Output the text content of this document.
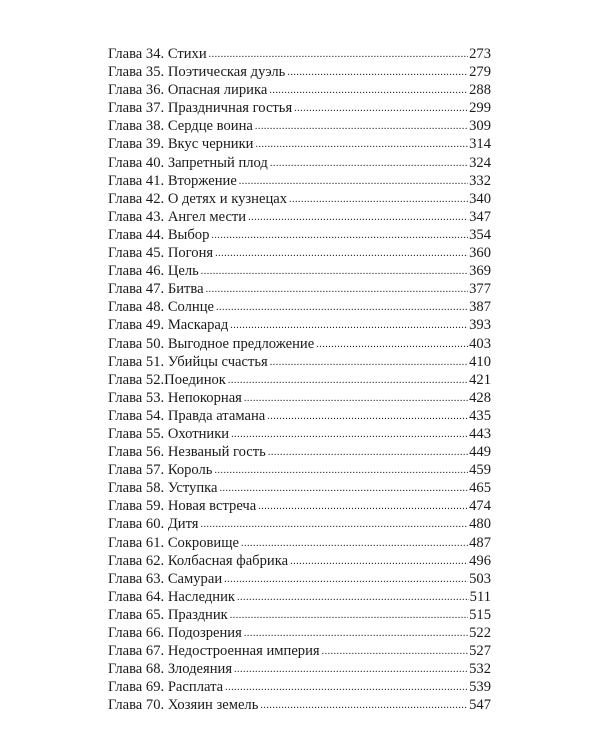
Глава 34. Стихи .....	273
Глава 35. Поэтическая дуэль .....	279
Глава 36. Опасная лирика .....	288
Глава 37. Праздничная гостья .....	299
Глава 38. Сердце воина .....	309
Глава 39. Вкус черники .....	314
Глава 40. Запретный плод .....	324
Глава 41. Вторжение .....	332
Глава 42. О детях и кузнецах .....	340
Глава 43. Ангел мести .....	347
Глава 44. Выбор .....	354
Глава 45. Погоня .....	360
Глава 46. Цель .....	369
Глава 47. Битва .....	377
Глава 48. Солнце .....	387
Глава 49. Маскарад .....	393
Глава 50. Выгодное предложение .....	403
Глава 51. Убийцы счастья .....	410
Глава 52.Поединок .....	421
Глава 53. Непокорная .....	428
Глава 54. Правда атамана .....	435
Глава 55. Охотники .....	443
Глава 56. Незваный гость .....	449
Глава 57. Король .....	459
Глава 58. Уступка .....	465
Глава 59. Новая встреча .....	474
Глава 60. Дитя .....	480
Глава 61. Сокровище .....	487
Глава 62. Колбасная фабрика .....	496
Глава 63. Самураи .....	503
Глава 64. Наследник .....	511
Глава 65. Праздник .....	515
Глава 66. Подозрения .....	522
Глава 67. Недостроенная империя .....	527
Глава 68. Злодеяния .....	532
Глава 69. Расплата .....	539
Глава 70. Хозяин земель .....	547
